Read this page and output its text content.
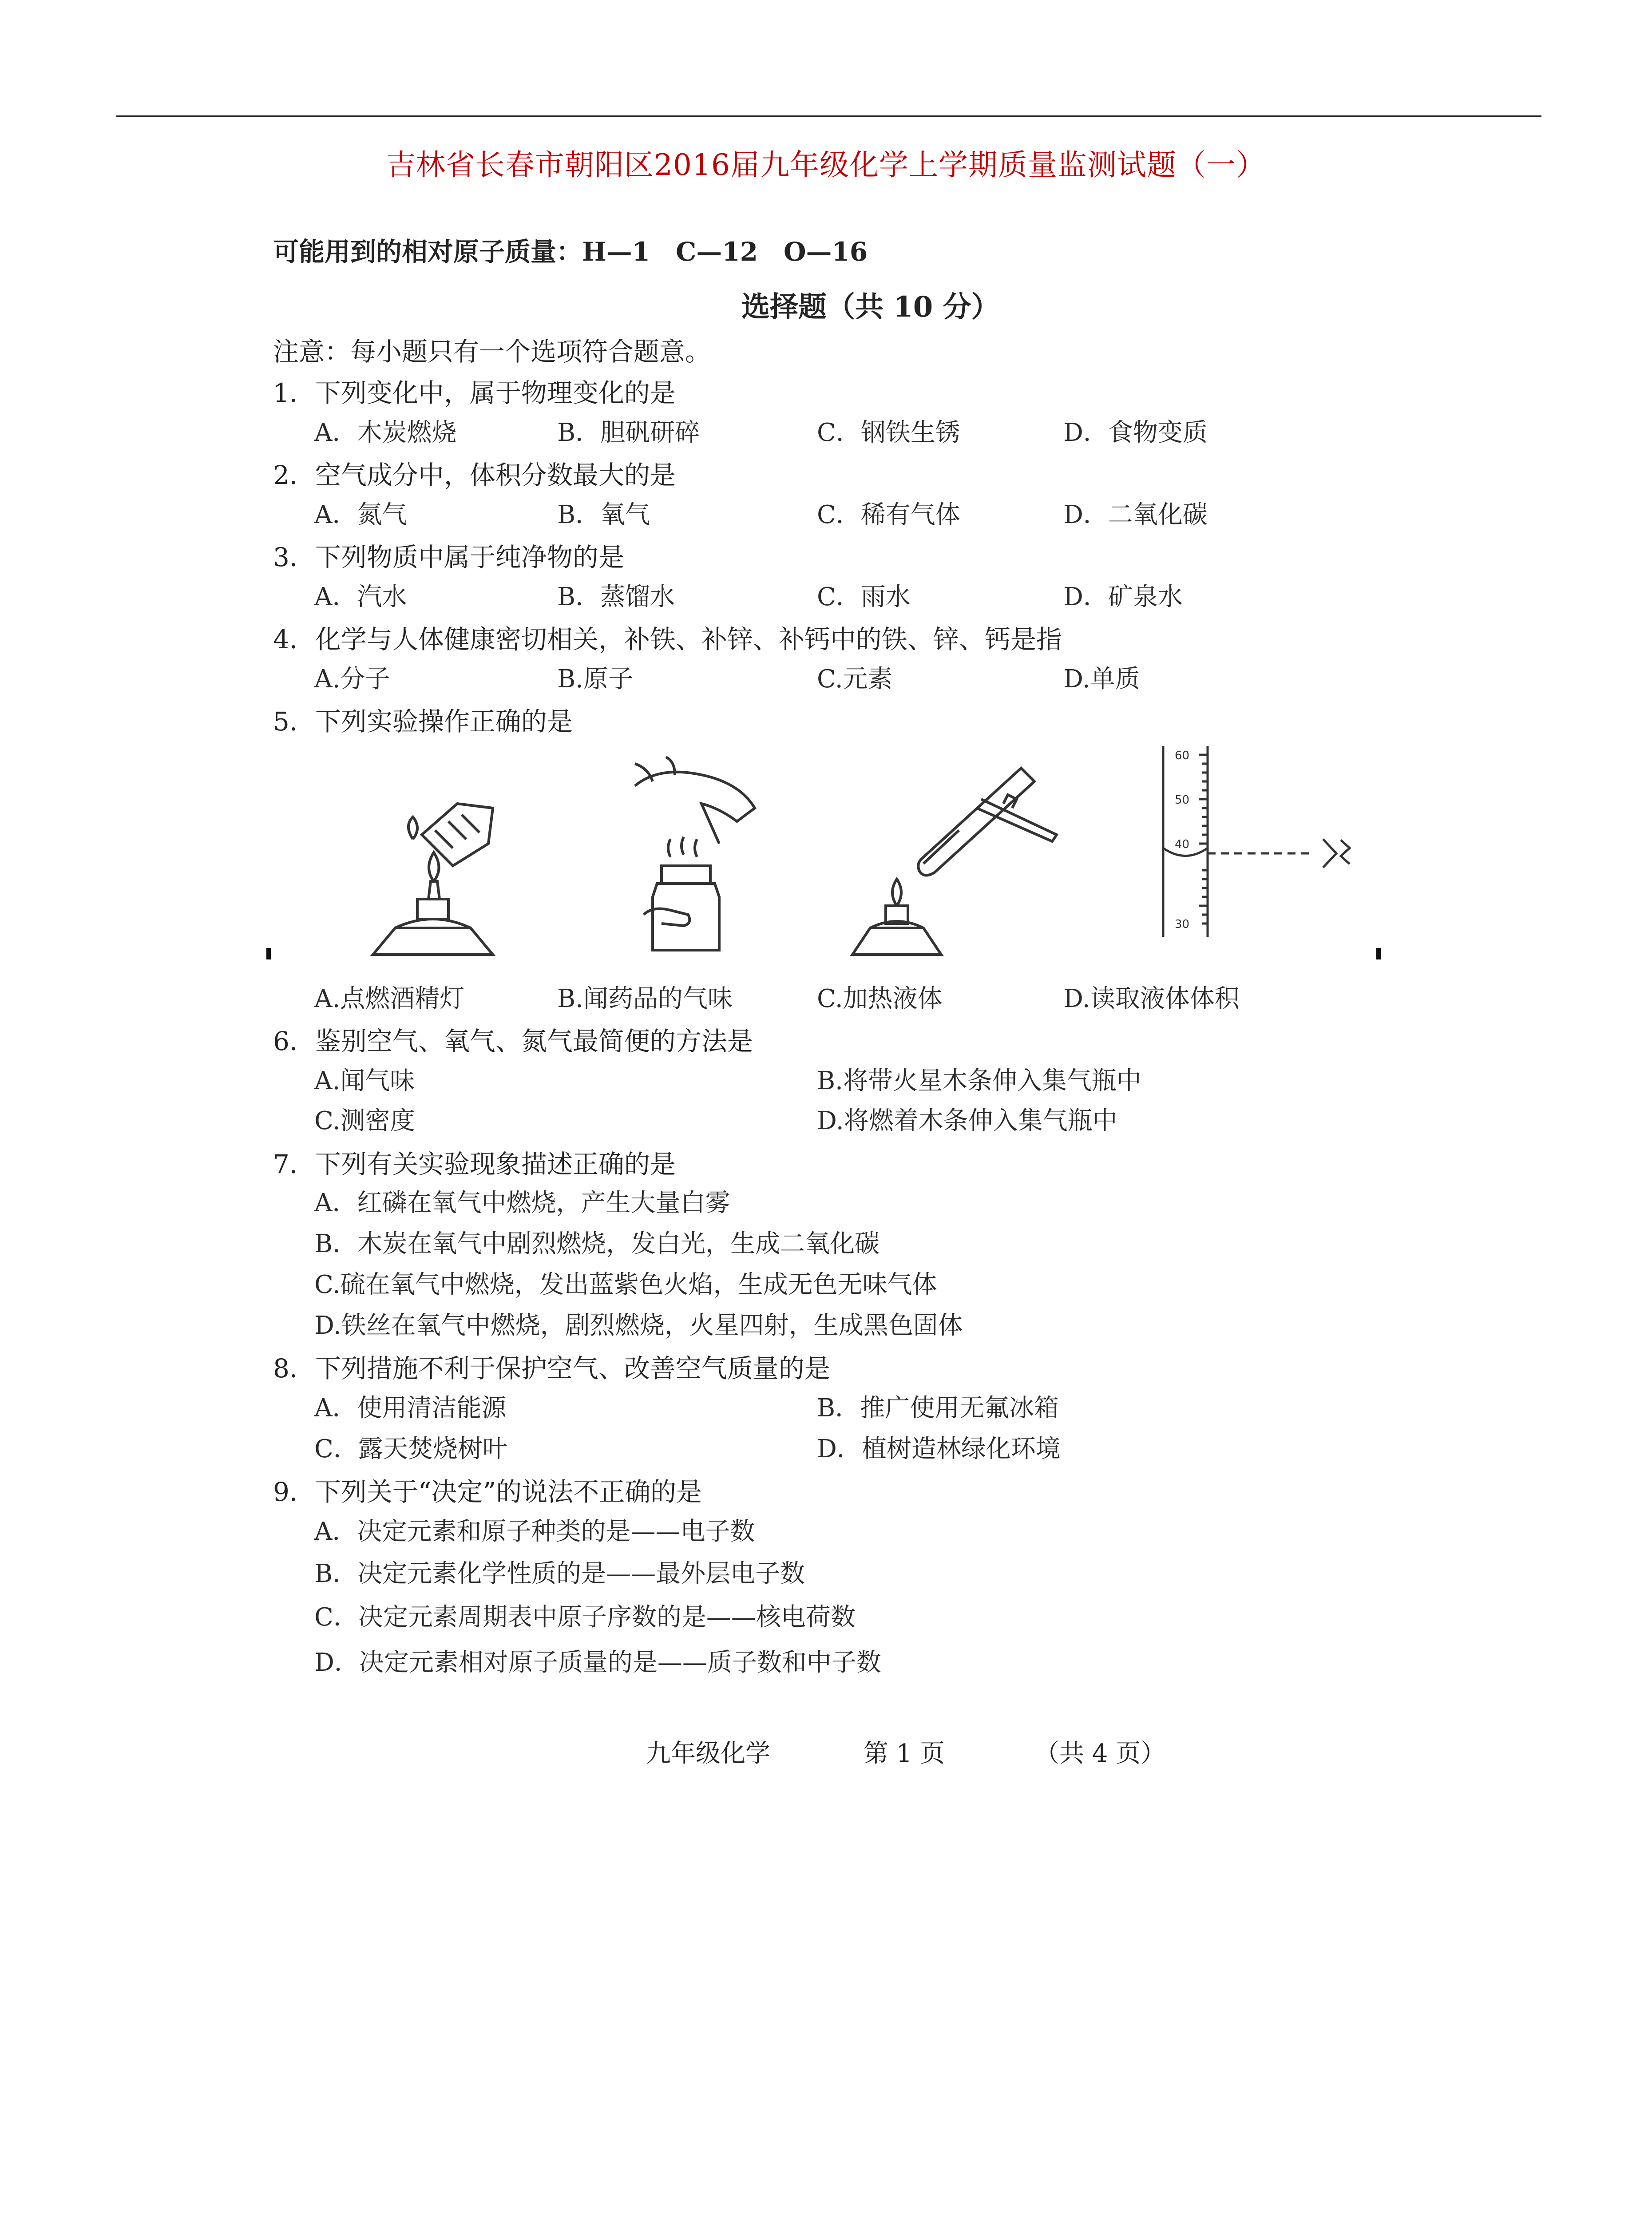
吉林省长春市朝阳区2016届九年级化学上学期质量监测试题（一）
可能用到的相对原子质量：H—1　C—12　O—16
选择题（共 10 分）
注意：每小题只有一个选项符合题意。
1．下列变化中，属于物理变化的是
A．木炭燃烧	B．胆矾研碎	C．钢铁生锈	D．食物变质
2．空气成分中，体积分数最大的是
A．氮气	B．氧气	C．稀有气体	D．二氧化碳
3．下列物质中属于纯净物的是
A．汽水	B．蒸馏水	C．雨水	D．矿泉水
4．化学与人体健康密切相关，补铁、补锌、补钙中的铁、锌、钙是指
A.分子	B.原子	C.元素	D.单质
5．下列实验操作正确的是
60
50
40
30
A.点燃酒精灯	B.闻药品的气味	C.加热液体	D.读取液体体积
6．鉴别空气、氧气、氮气最简便的方法是
A.闻气味	B.将带火星木条伸入集气瓶中
C.测密度	D.将燃着木条伸入集气瓶中
7．下列有关实验现象描述正确的是
A．红磷在氧气中燃烧，产生大量白雾
B．木炭在氧气中剧烈燃烧，发白光，生成二氧化碳
C.硫在氧气中燃烧，发出蓝紫色火焰，生成无色无味气体
D.铁丝在氧气中燃烧，剧烈燃烧，火星四射，生成黑色固体
8．下列措施不利于保护空气、改善空气质量的是
A．使用清洁能源	B．推广使用无氟冰箱
C．露天焚烧树叶	D．植树造林绿化环境
9．下列关于“决定”的说法不正确的是
A．决定元素和原子种类的是——电子数
B．决定元素化学性质的是——最外层电子数
C．决定元素周期表中原子序数的是——核电荷数
D．决定元素相对原子质量的是——质子数和中子数
九年级化学	第 1 页	（共 4 页）
